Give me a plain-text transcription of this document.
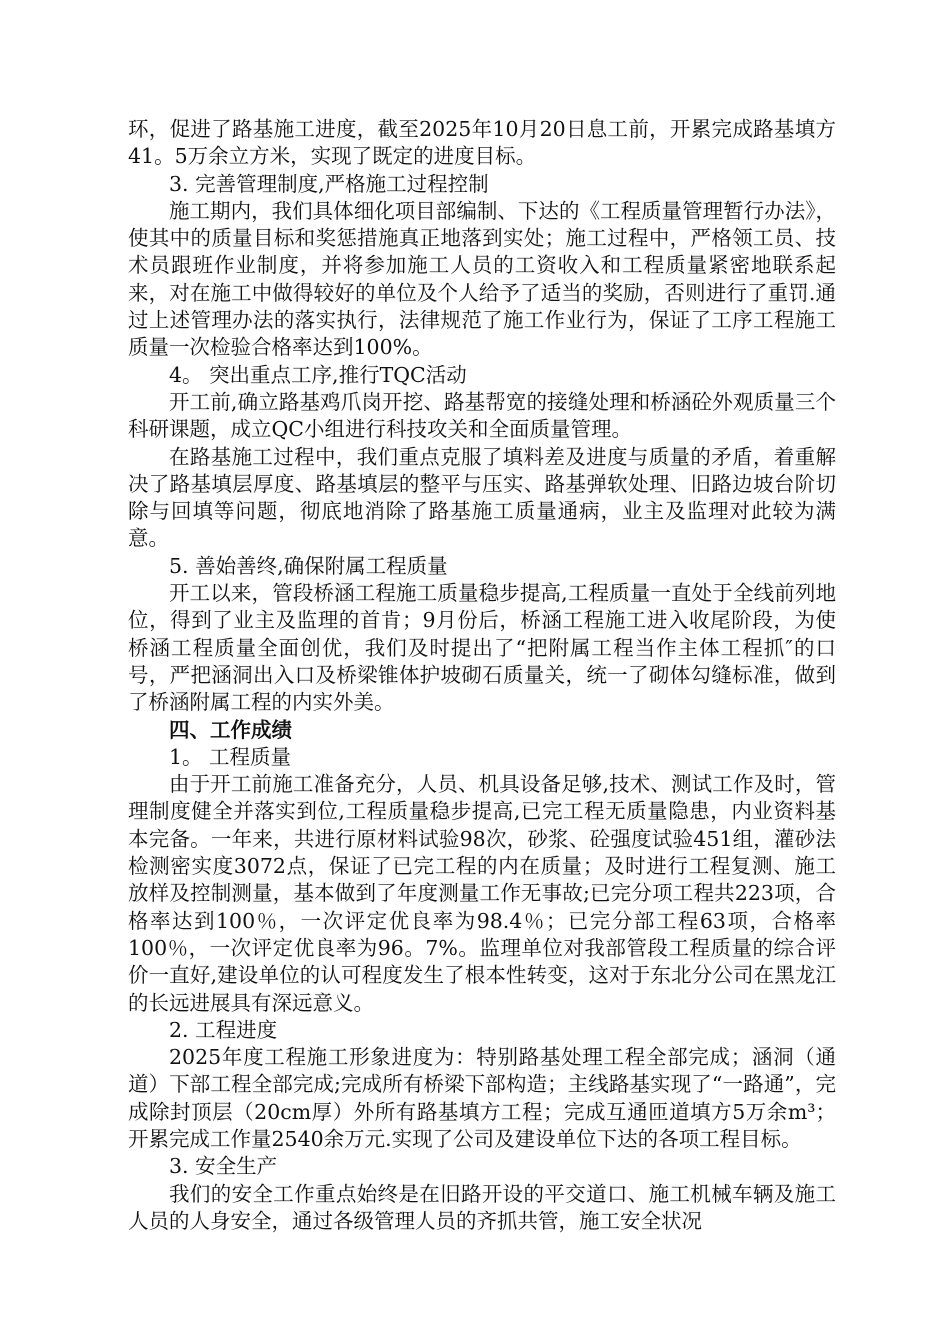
环，促进了路基施工进度，截至2025年10月20日息工前，开累完成路基填方41。5万余立方米，实现了既定的进度目标。

3. 完善管理制度,严格施工过程控制

施工期内，我们具体细化项目部编制、下达的《工程质量管理暂行办法》，使其中的质量目标和奖惩措施真正地落到实处；施工过程中，严格领工员、技术员跟班作业制度，并将参加施工人员的工资收入和工程质量紧密地联系起来，对在施工中做得较好的单位及个人给予了适当的奖励，否则进行了重罚.通过上述管理办法的落实执行，法律规范了施工作业行为，保证了工序工程施工质量一次检验合格率达到100%。

4。 突出重点工序,推行TQC活动

开工前,确立路基鸡爪岗开挖、路基帮宽的接缝处理和桥涵砼外观质量三个科研课题，成立QC小组进行科技攻关和全面质量管理。

在路基施工过程中，我们重点克服了填料差及进度与质量的矛盾，着重解决了路基填层厚度、路基填层的整平与压实、路基弹软处理、旧路边坡台阶切除与回填等问题，彻底地消除了路基施工质量通病，业主及监理对此较为满意。

5. 善始善终,确保附属工程质量

开工以来，管段桥涵工程施工质量稳步提高,工程质量一直处于全线前列地位，得到了业主及监理的首肯；9月份后，桥涵工程施工进入收尾阶段，为使桥涵工程质量全面创优，我们及时提出了“把附属工程当作主体工程抓″的口号，严把涵洞出入口及桥梁锥体护坡砌石质量关，统一了砌体勾缝标准，做到了桥涵附属工程的内实外美。

四、工作成绩

1。 工程质量

由于开工前施工准备充分，人员、机具设备足够,技术、测试工作及时，管理制度健全并落实到位,工程质量稳步提高,已完工程无质量隐患，内业资料基本完备。一年来，共进行原材料试验98次，砂浆、砼强度试验451组，灌砂法检测密实度3072点，保证了已完工程的内在质量；及时进行工程复测、施工放样及控制测量，基本做到了年度测量工作无事故;已完分项工程共223项，合格率达到100％，一次评定优良率为98.4％；已完分部工程63项，合格率100％，一次评定优良率为96。7%。监理单位对我部管段工程质量的综合评价一直好,建设单位的认可程度发生了根本性转变，这对于东北分公司在黑龙江的长远进展具有深远意义。

2. 工程进度

2025年度工程施工形象进度为：特别路基处理工程全部完成；涵洞（通道）下部工程全部完成;完成所有桥梁下部构造；主线路基实现了“一路通”，完成除封顶层（20cm厚）外所有路基填方工程；完成互通匝道填方5万余m³；开累完成工作量2540余万元.实现了公司及建设单位下达的各项工程目标。

3. 安全生产

我们的安全工作重点始终是在旧路开设的平交道口、施工机械车辆及施工人员的人身安全，通过各级管理人员的齐抓共管，施工安全状况
